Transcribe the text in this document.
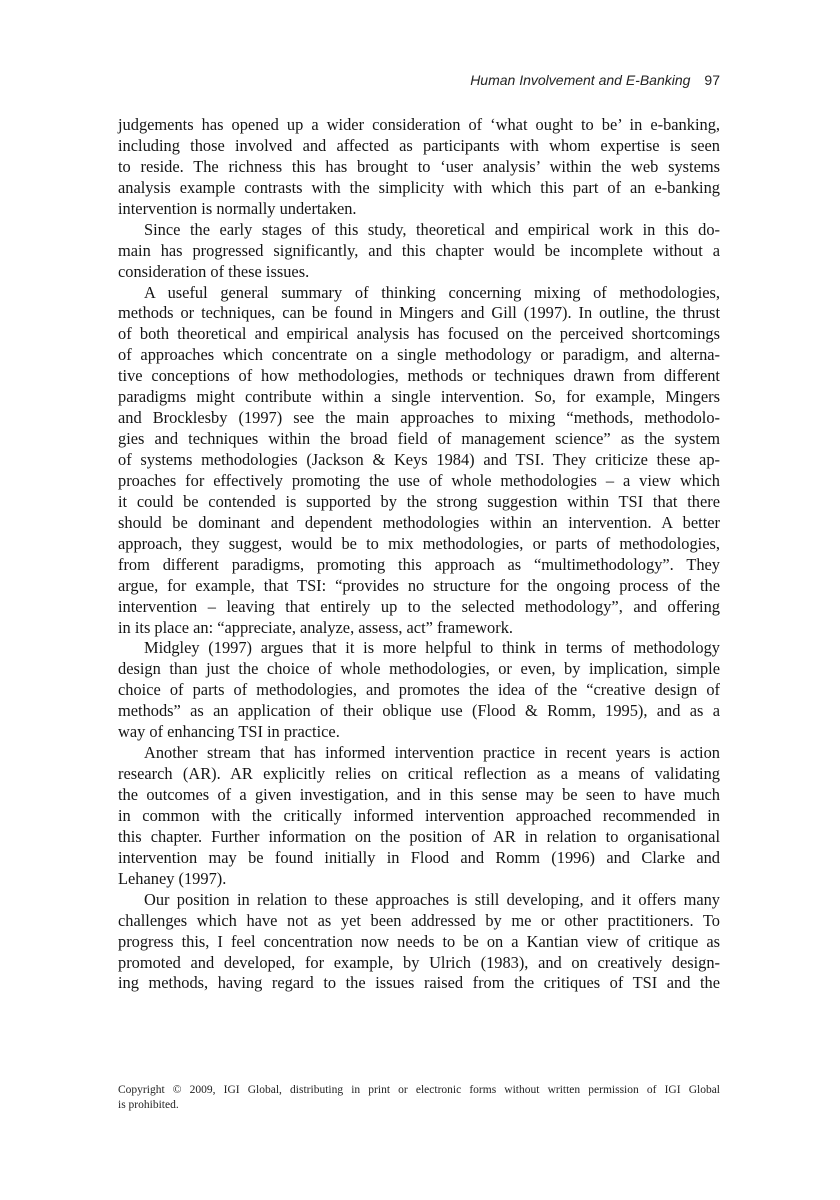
Human Involvement and E-Banking 97
judgements has opened up a wider consideration of ‘what ought to be’ in e-banking,
including those involved and affected as participants with whom expertise is seen
to reside. The richness this has brought to ‘user analysis’ within the web systems
analysis example contrasts with the simplicity with which this part of an e-banking
intervention is normally undertaken.
Since the early stages of this study, theoretical and empirical work in this do-
main has progressed significantly, and this chapter would be incomplete without a
consideration of these issues.
A useful general summary of thinking concerning mixing of methodologies,
methods or techniques, can be found in Mingers and Gill (1997). In outline, the thrust
of both theoretical and empirical analysis has focused on the perceived shortcomings
of approaches which concentrate on a single methodology or paradigm, and alterna-
tive conceptions of how methodologies, methods or techniques drawn from different
paradigms might contribute within a single intervention. So, for example, Mingers
and Brocklesby (1997) see the main approaches to mixing “methods, methodolo-
gies and techniques within the broad field of management science” as the system
of systems methodologies (Jackson & Keys 1984) and TSI. They criticize these ap-
proaches for effectively promoting the use of whole methodologies – a view which
it could be contended is supported by the strong suggestion within TSI that there
should be dominant and dependent methodologies within an intervention. A better
approach, they suggest, would be to mix methodologies, or parts of methodologies,
from different paradigms, promoting this approach as “multimethodology”. They
argue, for example, that TSI: “provides no structure for the ongoing process of the
intervention – leaving that entirely up to the selected methodology”, and offering
in its place an: “appreciate, analyze, assess, act” framework.
Midgley (1997) argues that it is more helpful to think in terms of methodology
design than just the choice of whole methodologies, or even, by implication, simple
choice of parts of methodologies, and promotes the idea of the “creative design of
methods” as an application of their oblique use (Flood & Romm, 1995), and as a
way of enhancing TSI in practice.
Another stream that has informed intervention practice in recent years is action
research (AR). AR explicitly relies on critical reflection as a means of validating
the outcomes of a given investigation, and in this sense may be seen to have much
in common with the critically informed intervention approached recommended in
this chapter. Further information on the position of AR in relation to organisational
intervention may be found initially in Flood and Romm (1996) and Clarke and
Lehaney (1997).
Our position in relation to these approaches is still developing, and it offers many
challenges which have not as yet been addressed by me or other practitioners. To
progress this, I feel concentration now needs to be on a Kantian view of critique as
promoted and developed, for example, by Ulrich (1983), and on creatively design-
ing methods, having regard to the issues raised from the critiques of TSI and the
Copyright © 2009, IGI Global, distributing in print or electronic forms without written permission of IGI Global
is prohibited.
